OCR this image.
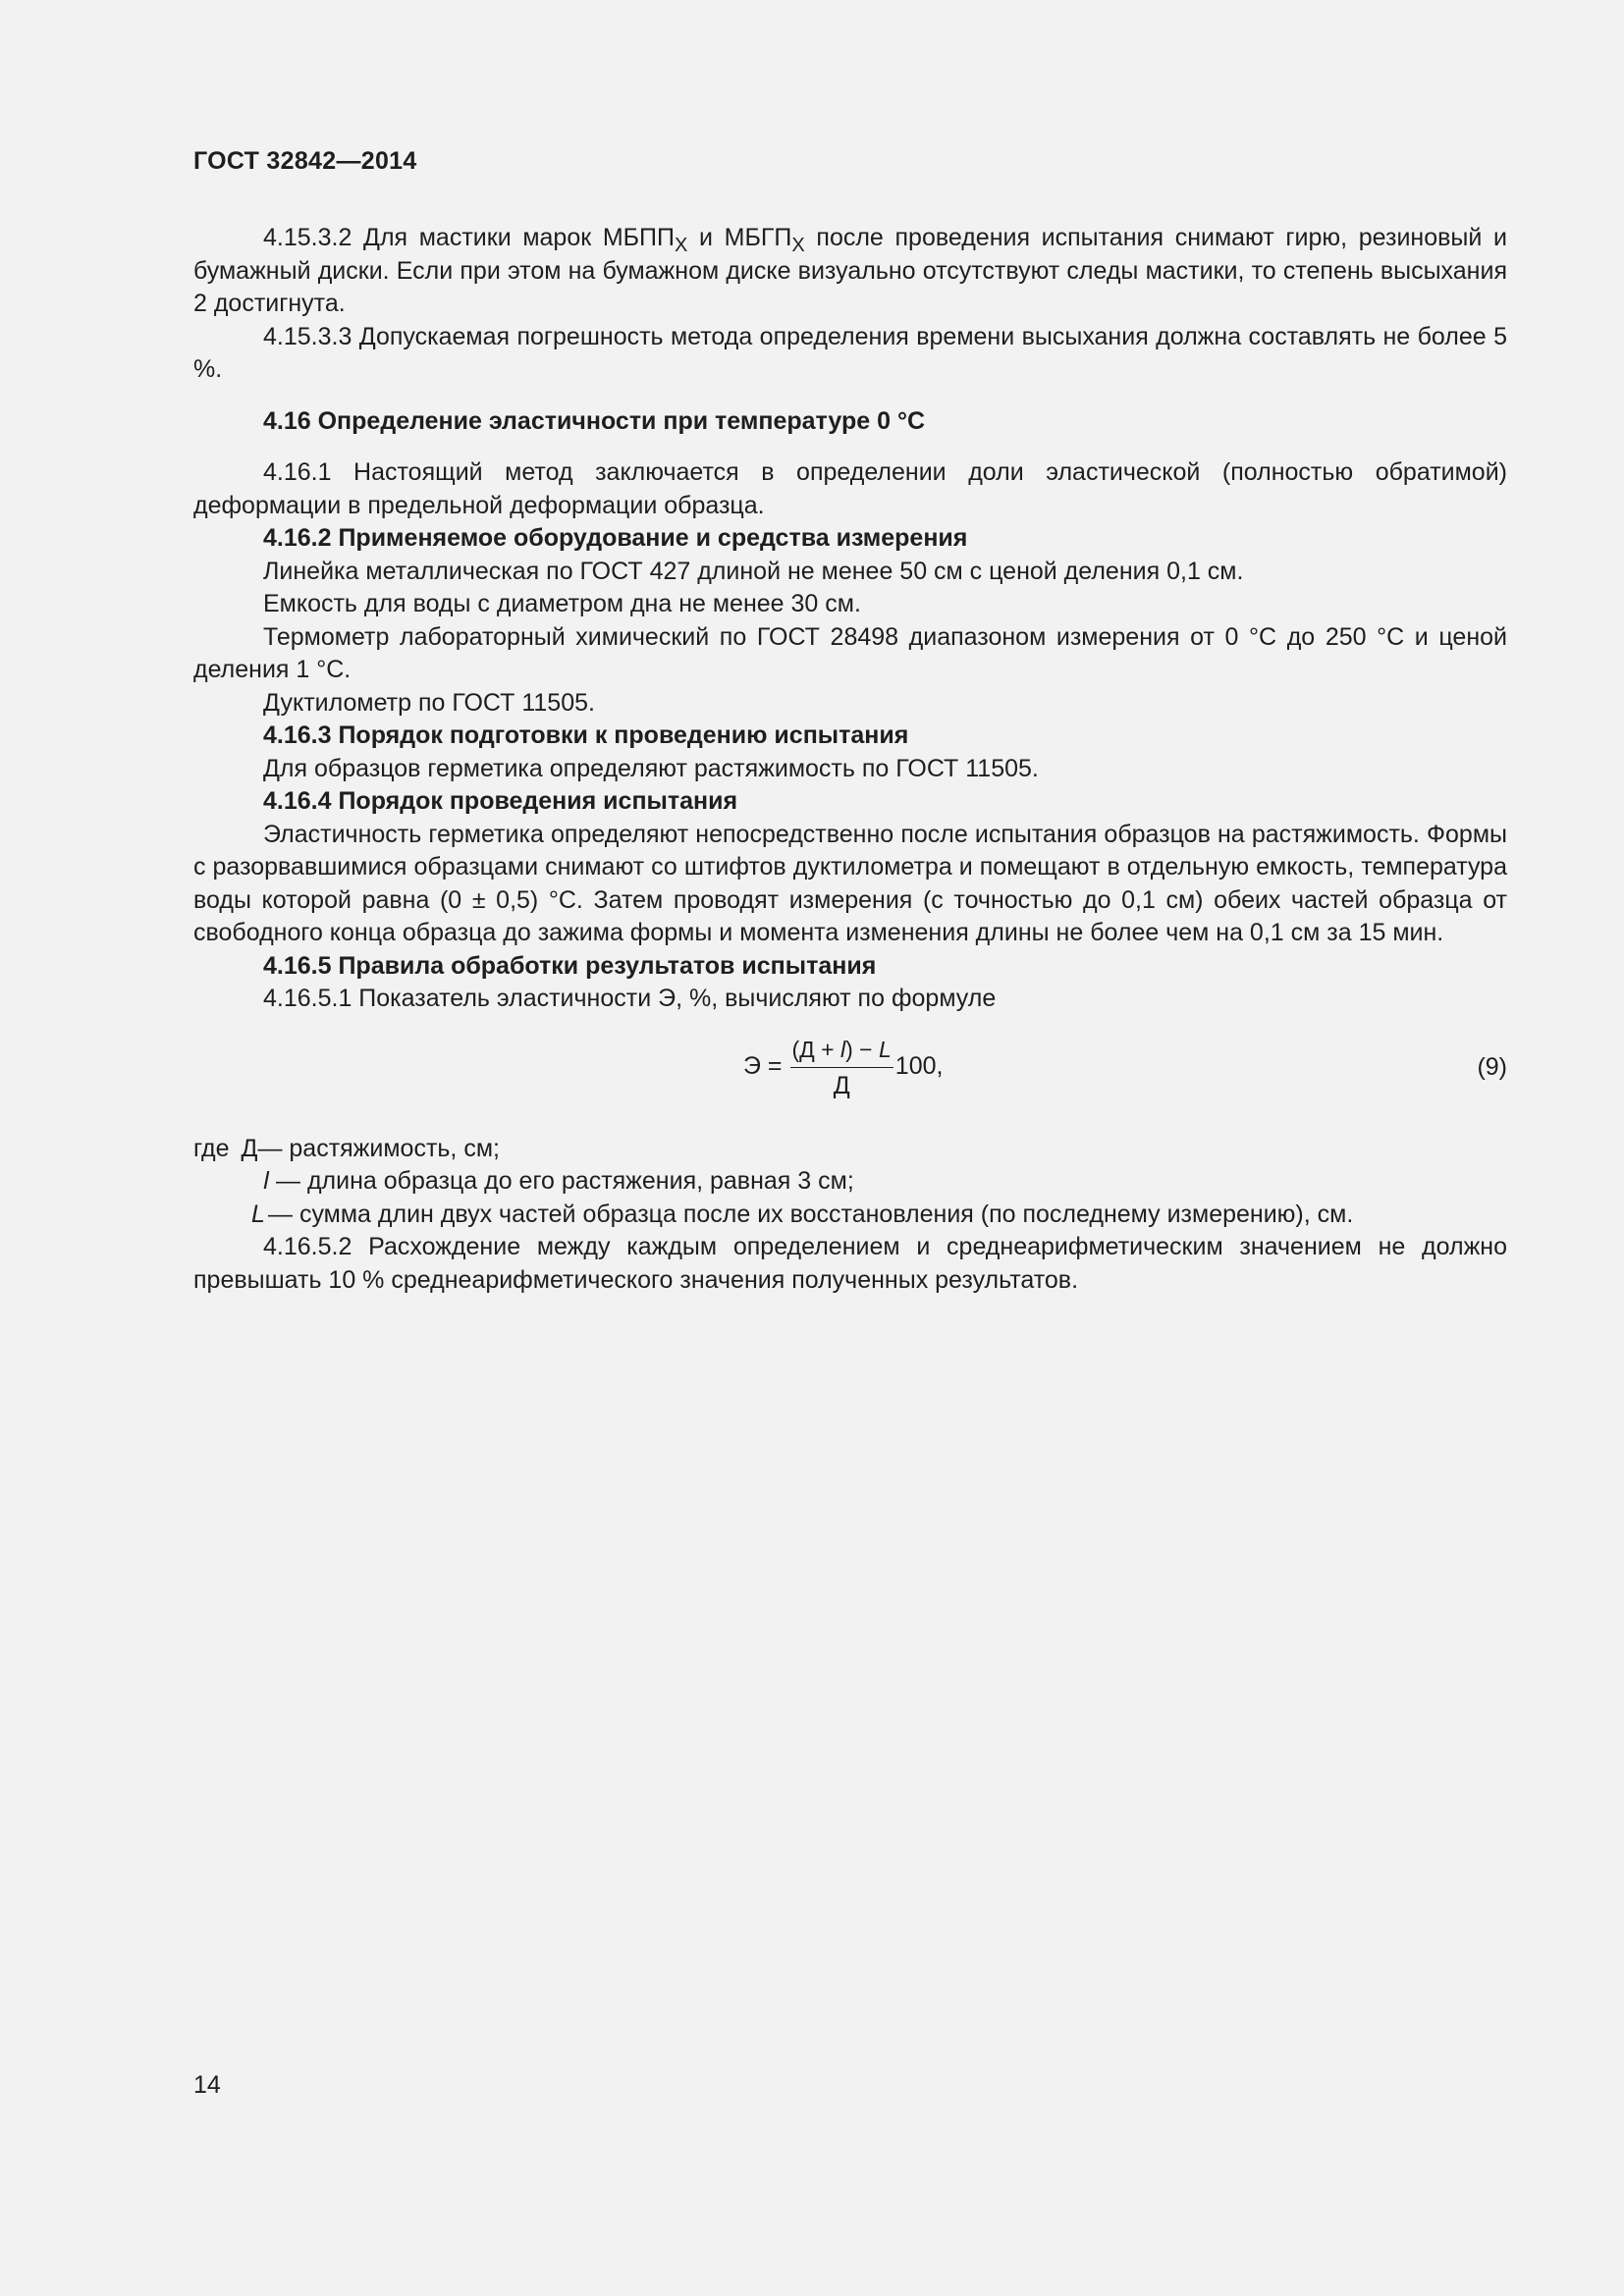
ГОСТ 32842—2014

4.15.3.2 Для мастики марок $МБПП_Х$ и $МБГП_Х$ после проведения испытания снимают гирю, резиновый и бумажный диски. Если при этом на бумажном диске визуально отсутствуют следы мастики, то степень высыхания 2 достигнута.

4.15.3.3 Допускаемая погрешность метода определения времени высыхания должна составлять не более 5 %.

4.16 Определение эластичности при температуре 0 °С

4.16.1 Настоящий метод заключается в определении доли эластической (полностью обратимой) деформации в предельной деформации образца.

4.16.2 Применяемое оборудование и средства измерения

Линейка металлическая по ГОСТ 427 длиной не менее 50 см с ценой деления 0,1 см.

Емкость для воды с диаметром дна не менее 30 см.

Термометр лабораторный химический по ГОСТ 28498 диапазоном измерения от 0 °С до 250 °С и ценой деления 1 °С.

Дуктилометр по ГОСТ 11505.

4.16.3 Порядок подготовки к проведению испытания

Для образцов герметика определяют растяжимость по ГОСТ 11505.

4.16.4 Порядок проведения испытания

Эластичность герметика определяют непосредственно после испытания образцов на растяжимость. Формы с разорвавшимися образцами снимают со штифтов дуктилометра и помещают в отдельную емкость, температура воды которой равна (0 ± 0,5) °С. Затем проводят измерения (с точностью до 0,1 см) обеих частей образца от свободного конца образца до зажима формы и момента изменения длины не более чем на 0,1 см за 15 мин.

4.16.5 Правила обработки результатов испытания

4.16.5.1 Показатель эластичности Э, %, вычисляют по формуле

$Э = \frac{(Д + l) - L}{Д} 100$,	(9)
где Д — растяжимость, см;
l — длина образца до его растяжения, равная 3 см;
L — сумма длин двух частей образца после их восстановления (по последнему измерению), см.

4.16.5.2 Расхождение между каждым определением и среднеарифметическим значением не должно превышать 10 % среднеарифметического значения полученных результатов.

14
